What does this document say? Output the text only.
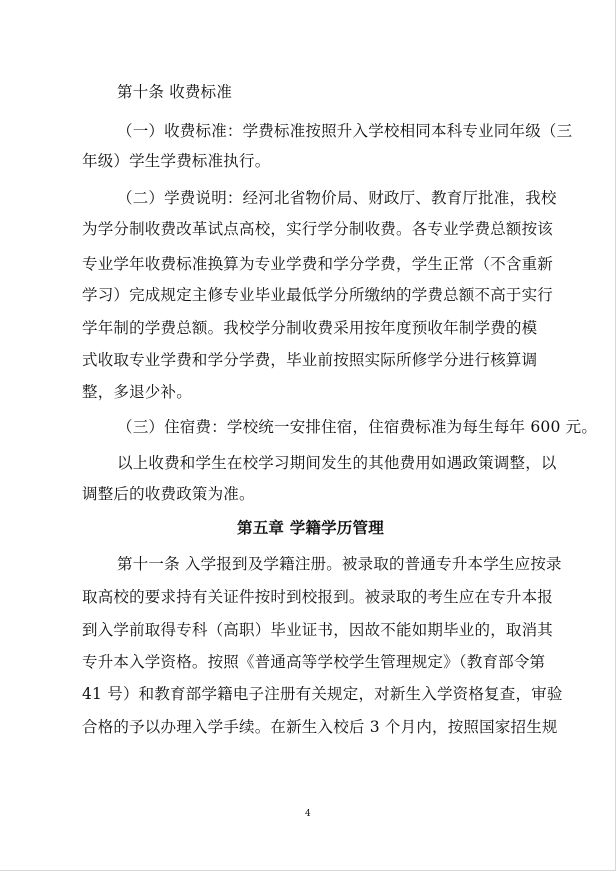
第十条 收费标准
（一）收费标准：学费标准按照升入学校相同本科专业同年级（三
年级）学生学费标准执行。
（二）学费说明：经河北省物价局、财政厅、教育厅批准，我校
为学分制收费改革试点高校，实行学分制收费。各专业学费总额按该
专业学年收费标准换算为专业学费和学分学费，学生正常（不含重新
学习）完成规定主修专业毕业最低学分所缴纳的学费总额不高于实行
学年制的学费总额。我校学分制收费采用按年度预收年制学费的模
式收取专业学费和学分学费，毕业前按照实际所修学分进行核算调
整，多退少补。
（三）住宿费：学校统一安排住宿，住宿费标准为每生每年 600 元。
以上收费和学生在校学习期间发生的其他费用如遇政策调整，以
调整后的收费政策为准。
第五章 学籍学历管理
第十一条 入学报到及学籍注册。被录取的普通专升本学生应按录
取高校的要求持有关证件按时到校报到。被录取的考生应在专升本报
到入学前取得专科（高职）毕业证书，因故不能如期毕业的，取消其
专升本入学资格。按照《普通高等学校学生管理规定》（教育部令第
41 号）和教育部学籍电子注册有关规定，对新生入学资格复查，审验
合格的予以办理入学手续。在新生入校后 3 个月内，按照国家招生规
4
